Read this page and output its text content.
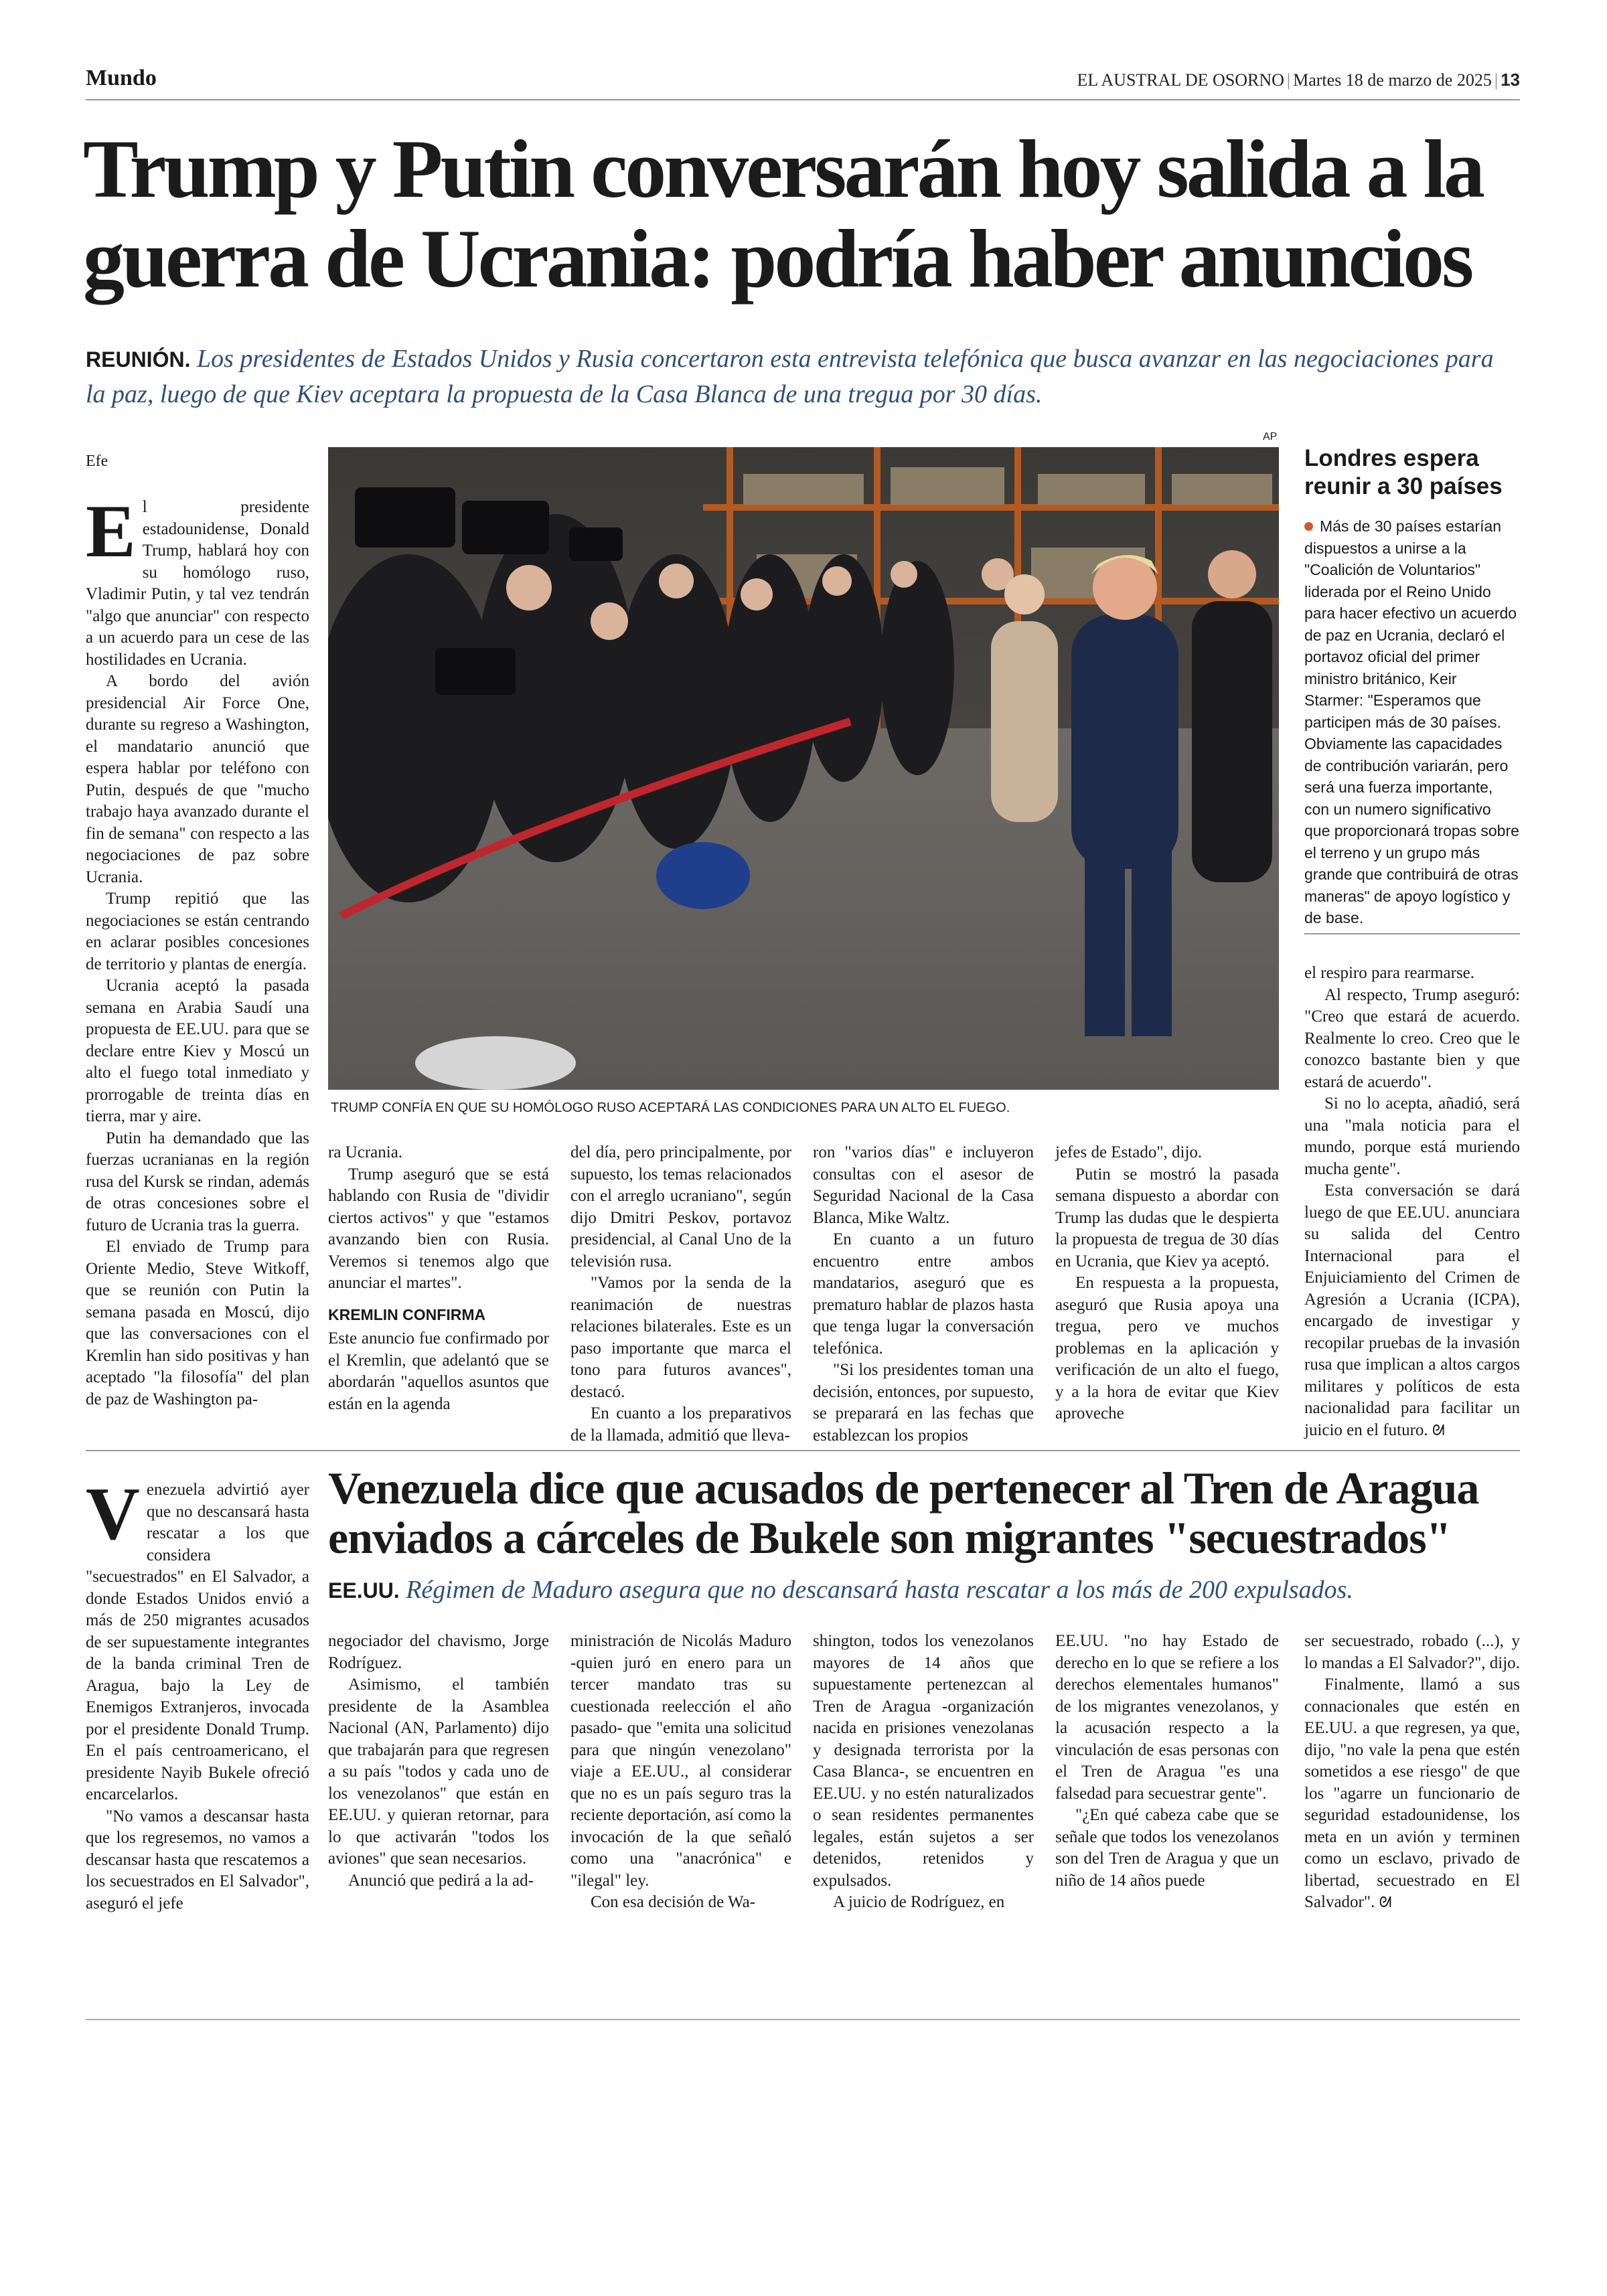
Mundo	EL AUSTRAL DE OSORNO | Martes 18 de marzo de 2025 | 13
Trump y Putin conversarán hoy salida a la guerra de Ucrania: podría haber anuncios
REUNIÓN. Los presidentes de Estados Unidos y Rusia concertaron esta entrevista telefónica que busca avanzar en las negociaciones para la paz, luego de que Kiev aceptara la propuesta de la Casa Blanca de una tregua por 30 días.
Efe

El presidente estadounidense, Donald Trump, hablará hoy con su homólogo ruso, Vladimir Putin, y tal vez tendrán "algo que anunciar" con respecto a un acuerdo para un cese de las hostilidades en Ucrania.

A bordo del avión presidencial Air Force One, durante su regreso a Washington, el mandatario anunció que espera hablar por teléfono con Putin, después de que "mucho trabajo haya avanzado durante el fin de semana" con respecto a las negociaciones de paz sobre Ucrania.

Trump repitió que las negociaciones se están centrando en aclarar posibles concesiones de territorio y plantas de energía.

Ucrania aceptó la pasada semana en Arabia Saudí una propuesta de EE.UU. para que se declare entre Kiev y Moscú un alto el fuego total inmediato y prorrogable de treinta días en tierra, mar y aire.

Putin ha demandado que las fuerzas ucranianas en la región rusa del Kursk se rindan, además de otras concesiones sobre el futuro de Ucrania tras la guerra.

El enviado de Trump para Oriente Medio, Steve Witkoff, que se reunión con Putin la semana pasada en Moscú, dijo que las conversaciones con el Kremlin han sido positivas y han aceptado "la filosofía" del plan de paz de Washington pa-

AP
TRUMP CONFÍA EN QUE SU HOMÓLOGO RUSO ACEPTARÁ LAS CONDICIONES PARA UN ALTO EL FUEGO.
Londres espera reunir a 30 países
Más de 30 países estarían dispuestos a unirse a la "Coalición de Voluntarios" liderada por el Reino Unido para hacer efectivo un acuerdo de paz en Ucrania, declaró el portavoz oficial del primer ministro británico, Keir Starmer: "Esperamos que participen más de 30 países. Obviamente las capacidades de contribución variarán, pero será una fuerza importante, con un numero significativo que proporcionará tropas sobre el terreno y un grupo más grande que contribuirá de otras maneras" de apoyo logístico y de base.

ra Ucrania.

Trump aseguró que se está hablando con Rusia de "dividir ciertos activos" y que "estamos avanzando bien con Rusia. Veremos si tenemos algo que anunciar el martes".

KREMLIN CONFIRMA

Este anuncio fue confirmado por el Kremlin, que adelantó que se abordarán "aquellos asuntos que están en la agenda

del día, pero principalmente, por supuesto, los temas relacionados con el arreglo ucraniano", según dijo Dmitri Peskov, portavoz presidencial, al Canal Uno de la televisión rusa.

"Vamos por la senda de la reanimación de nuestras relaciones bilaterales. Este es un paso importante que marca el tono para futuros avances", destacó.

En cuanto a los preparativos de la llamada, admitió que lleva-

ron "varios días" e incluyeron consultas con el asesor de Seguridad Nacional de la Casa Blanca, Mike Waltz.

En cuanto a un futuro encuentro entre ambos mandatarios, aseguró que es prematuro hablar de plazos hasta que tenga lugar la conversación telefónica.

"Si los presidentes toman una decisión, entonces, por supuesto, se preparará en las fechas que establezcan los propios

jefes de Estado", dijo.

Putin se mostró la pasada semana dispuesto a abordar con Trump las dudas que le despierta la propuesta de tregua de 30 días en Ucrania, que Kiev ya aceptó.

En respuesta a la propuesta, aseguró que Rusia apoya una tregua, pero ve muchos problemas en la aplicación y verificación de un alto el fuego, y a la hora de evitar que Kiev aproveche

el respiro para rearmarse.

Al respecto, Trump aseguró: "Creo que estará de acuerdo. Realmente lo creo. Creo que le conozco bastante bien y que estará de acuerdo".

Si no lo acepta, añadió, será una "mala noticia para el mundo, porque está muriendo mucha gente".

Esta conversación se dará luego de que EE.UU. anunciara su salida del Centro Internacional para el Enjuiciamiento del Crimen de Agresión a Ucrania (ICPA), encargado de investigar y recopilar pruebas de la invasión rusa que implican a altos cargos militares y políticos de esta nacionalidad para facilitar un juicio en el futuro. ᘛ

Venezuela advirtió ayer que no descansará hasta rescatar a los que considera "secuestrados" en El Salvador, a donde Estados Unidos envió a más de 250 migrantes acusados de ser supuestamente integrantes de la banda criminal Tren de Aragua, bajo la Ley de Enemigos Extranjeros, invocada por el presidente Donald Trump. En el país centroamericano, el presidente Nayib Bukele ofreció encarcelarlos.

"No vamos a descansar hasta que los regresemos, no vamos a descansar hasta que rescatemos a los secuestrados en El Salvador", aseguró el jefe

Venezuela dice que acusados de pertenecer al Tren de Aragua enviados a cárceles de Bukele son migrantes "secuestrados"
EE.UU. Régimen de Maduro asegura que no descansará hasta rescatar a los más de 200 expulsados.

negociador del chavismo, Jorge Rodríguez.

Asimismo, el también presidente de la Asamblea Nacional (AN, Parlamento) dijo que trabajarán para que regresen a su país "todos y cada uno de los venezolanos" que están en EE.UU. y quieran retornar, para lo que activarán "todos los aviones" que sean necesarios.

Anunció que pedirá a la ad-

ministración de Nicolás Maduro -quien juró en enero para un tercer mandato tras su cuestionada reelección el año pasado- que "emita una solicitud para que ningún venezolano" viaje a EE.UU., al considerar que no es un país seguro tras la reciente deportación, así como la invocación de la que señaló como una "anacrónica" e "ilegal" ley.

Con esa decisión de Wa-

shington, todos los venezolanos mayores de 14 años que supuestamente pertenezcan al Tren de Aragua -organización nacida en prisiones venezolanas y designada terrorista por la Casa Blanca-, se encuentren en EE.UU. y no estén naturalizados o sean residentes permanentes legales, están sujetos a ser detenidos, retenidos y expulsados.

A juicio de Rodríguez, en

EE.UU. "no hay Estado de derecho en lo que se refiere a los derechos elementales humanos" de los migrantes venezolanos, y la acusación respecto a la vinculación de esas personas con el Tren de Aragua "es una falsedad para secuestrar gente".

"¿En qué cabeza cabe que se señale que todos los venezolanos son del Tren de Aragua y que un niño de 14 años puede

ser secuestrado, robado (...), y lo mandas a El Salvador?", dijo.

Finalmente, llamó a sus connacionales que estén en EE.UU. a que regresen, ya que, dijo, "no vale la pena que estén sometidos a ese riesgo" de que los "agarre un funcionario de seguridad estadounidense, los meta en un avión y terminen como un esclavo, privado de libertad, secuestrado en El Salvador". ᘛ
